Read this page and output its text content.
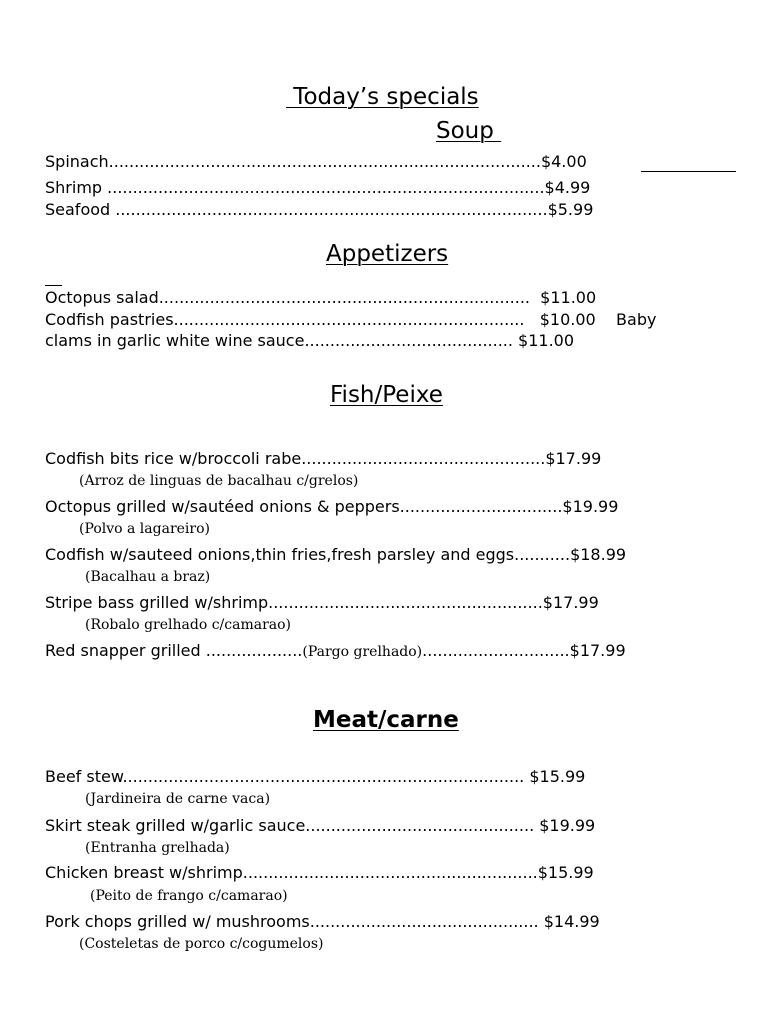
Today’s specials
Soup
Spinach.....................................................................................$4.00
Shrimp ......................................................................................$4.99
Seafood .....................................................................................$5.99
Appetizers
Octopus salad.........................................................................  $11.00
Codfish pastries.....................................................................   $10.00    Baby
clams in garlic white wine sauce......................................... $11.00
Fish/Peixe
Codfish bits rice w/broccoli rabe................................................$17.99
(Arroz de linguas de bacalhau c/grelos)
Octopus grilled w/sautéed onions & peppers................................$19.99
(Polvo a lagareiro)
Codfish w/sauteed onions,thin fries,fresh parsley and eggs...........$18.99
(Bacalhau a braz)
Stripe bass grilled w/shrimp......................................................$17.99
(Robalo grelhado c/camarao)
Red snapper grilled ...................(Pargo grelhado).............................$17.99
Meat/carne
Beef stew............................................................................... $15.99
(Jardineira de carne vaca)
Skirt steak grilled w/garlic sauce............................................. $19.99
(Entranha grelhada)
Chicken breast w/shrimp..........................................................$15.99
(Peito de frango c/camarao)
Pork chops grilled w/ mushrooms............................................. $14.99
(Costeletas de porco c/cogumelos)
